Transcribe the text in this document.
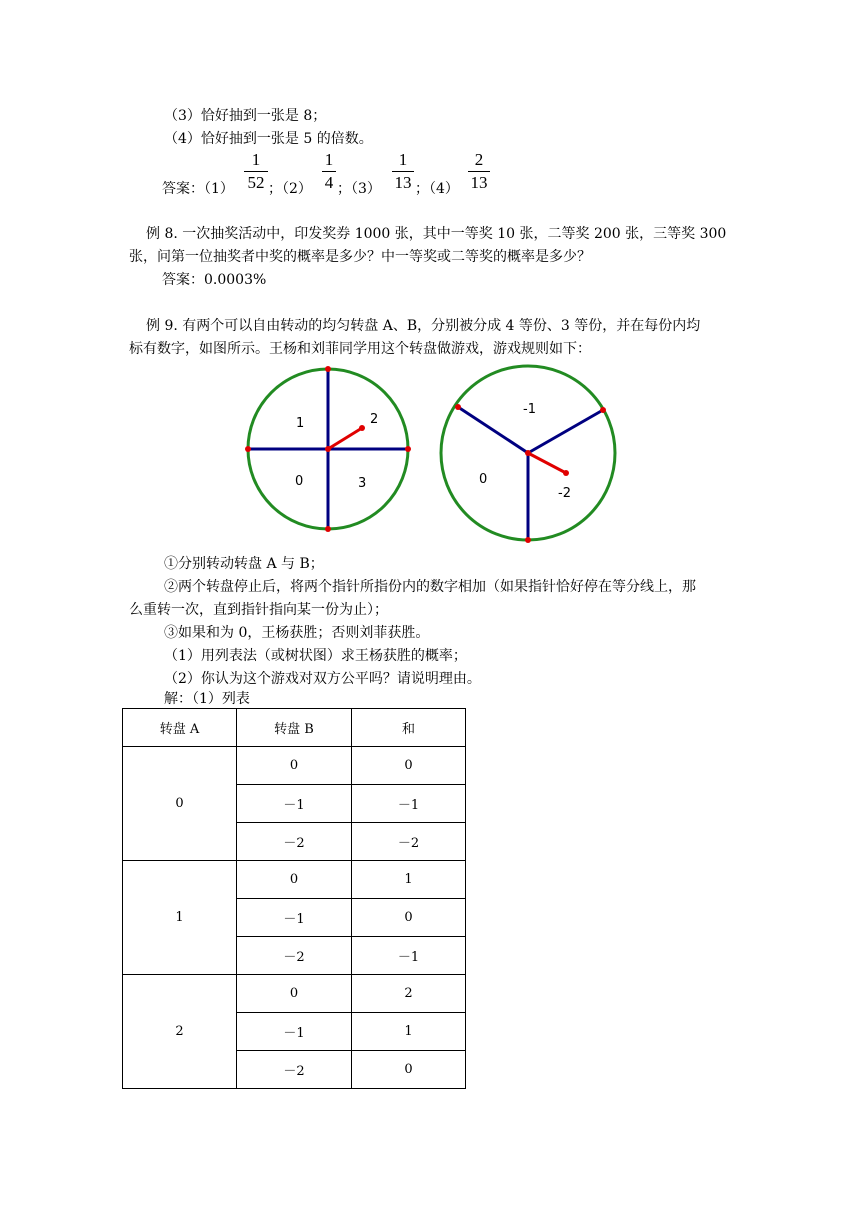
（3）恰好抽到一张是 8；
（4）恰好抽到一张是 5 的倍数。
答案：（1）
1
52 ；（2）
1
4 ；（3）
1
13 ；（4）
2
13
例 8. 一次抽奖活动中，印发奖券 1000 张，其中一等奖 10 张，二等奖 200 张，三等奖 300
张，问第一位抽奖者中奖的概率是多少？中一等奖或二等奖的概率是多少？
答案：0.0003%
例 9. 有两个可以自由转动的均匀转盘 A、B，分别被分成 4 等份、3 等份，并在每份内均
标有数字，如图所示。王杨和刘菲同学用这个转盘做游戏，游戏规则如下：
1	2
0	3
-1
0
-2
①分别转动转盘 A 与 B；
②两个转盘停止后，将两个指针所指份内的数字相加（如果指针恰好停在等分线上，那
么重转一次，直到指针指向某一份为止）；
③如果和为 0，王杨获胜；否则刘菲获胜。
（1）用列表法（或树状图）求王杨获胜的概率；
（2）你认为这个游戏对双方公平吗？请说明理由。
解：（1）列表
转盘 A	转盘 B	和
0	0	0
	－1	－1
	－2	－2
1	0	1
	－1	0
	－2	－1
2	0	2
	－1	1
	－2	0
